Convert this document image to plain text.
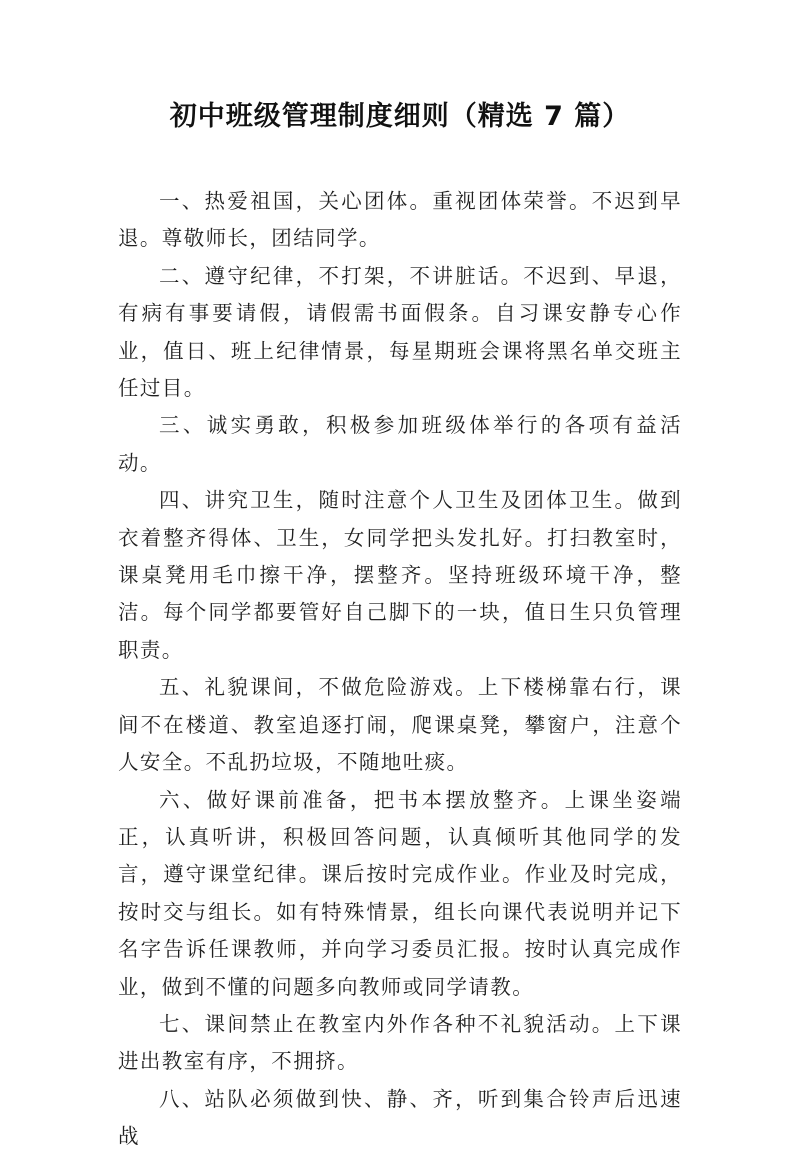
初中班级管理制度细则（精选 7 篇）

一、热爱祖国，关心团体。重视团体荣誉。不迟到早退。尊敬师长，团结同学。

二、遵守纪律，不打架，不讲脏话。不迟到、早退，有病有事要请假，请假需书面假条。自习课安静专心作业，值日、班上纪律情景，每星期班会课将黑名单交班主任过目。

三、诚实勇敢，积极参加班级体举行的各项有益活动。

四、讲究卫生，随时注意个人卫生及团体卫生。做到衣着整齐得体、卫生，女同学把头发扎好。打扫教室时，课桌凳用毛巾擦干净，摆整齐。坚持班级环境干净，整洁。每个同学都要管好自己脚下的一块，值日生只负管理职责。

五、礼貌课间，不做危险游戏。上下楼梯靠右行，课间不在楼道、教室追逐打闹，爬课桌凳，攀窗户，注意个人安全。不乱扔垃圾，不随地吐痰。

六、做好课前准备，把书本摆放整齐。上课坐姿端正，认真听讲，积极回答问题，认真倾听其他同学的发言，遵守课堂纪律。课后按时完成作业。作业及时完成，按时交与组长。如有特殊情景，组长向课代表说明并记下名字告诉任课教师，并向学习委员汇报。按时认真完成作业，做到不懂的问题多向教师或同学请教。

七、课间禁止在教室内外作各种不礼貌活动。上下课进出教室有序，不拥挤。

八、站队必须做到快、静、齐，听到集合铃声后迅速战
